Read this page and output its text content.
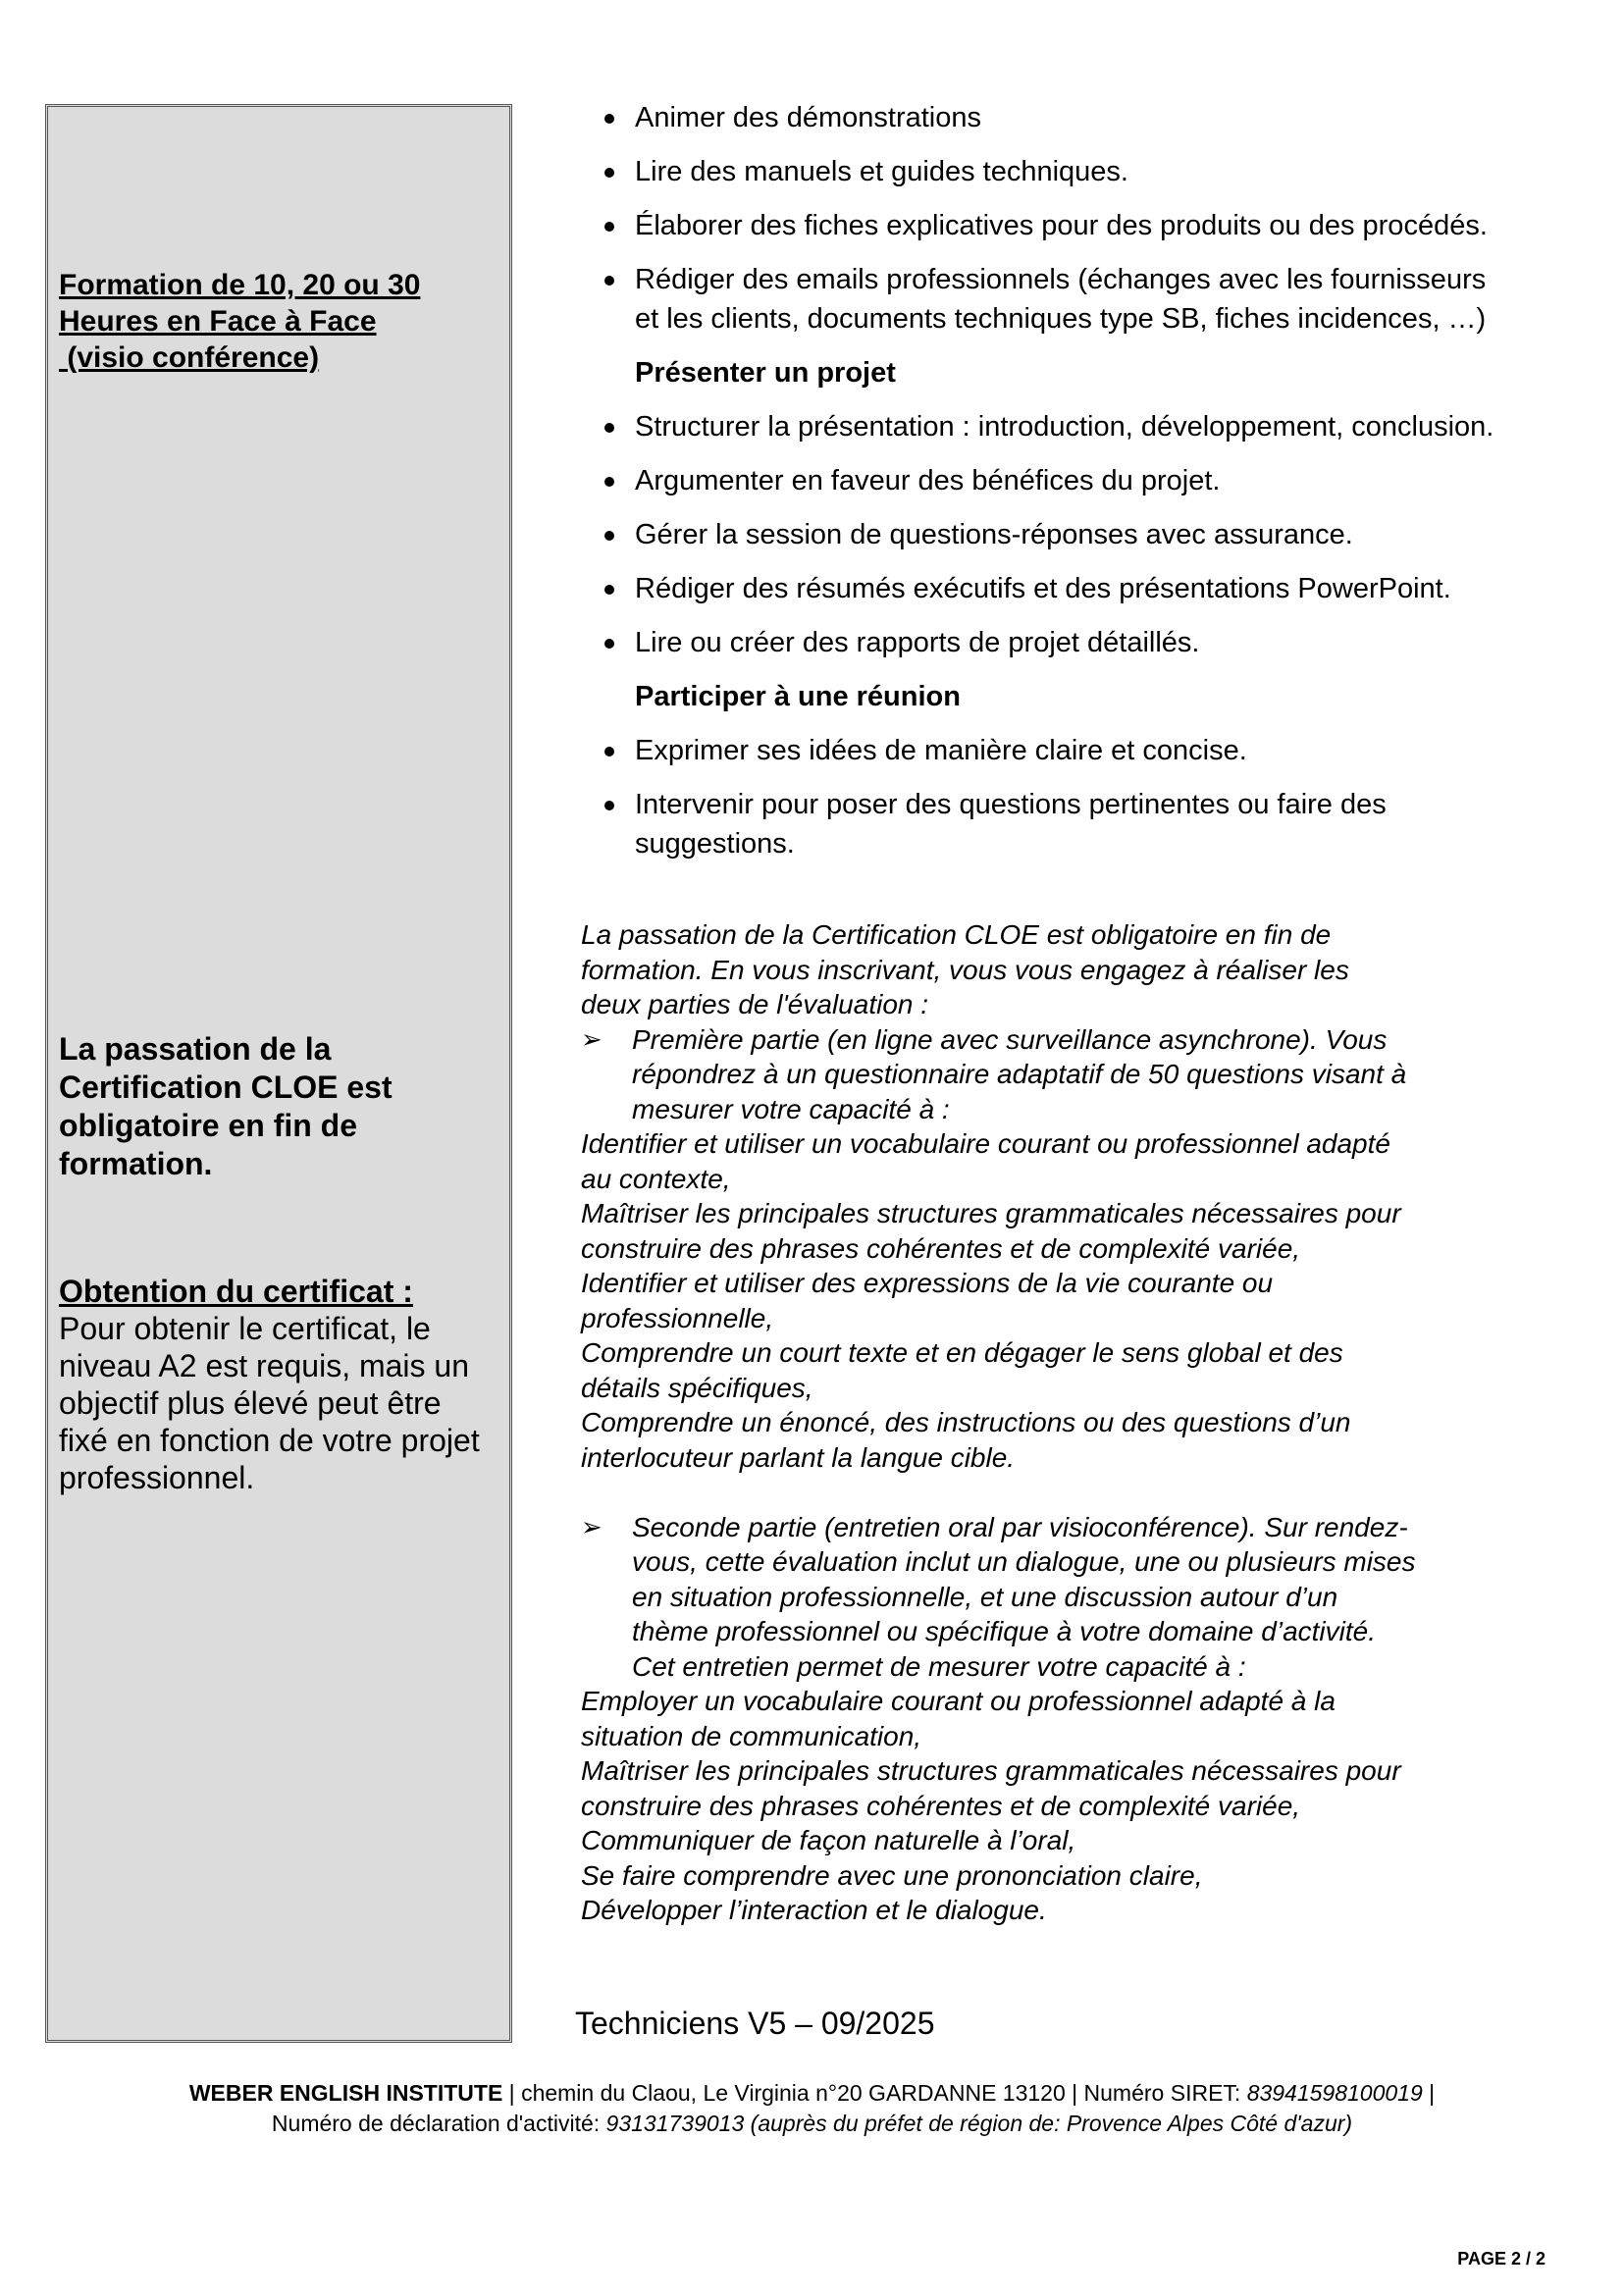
Formation de 10, 20 ou 30
Heures en Face à Face
(visio conférence)
La passation de la
Certification CLOE est
obligatoire en fin de
formation.
Obtention du certificat :
Pour obtenir le certificat, le
niveau A2 est requis, mais un
objectif plus élevé peut être
fixé en fonction de votre projet
professionnel.
Animer des démonstrations
Lire des manuels et guides techniques.
Élaborer des fiches explicatives pour des produits ou des procédés.
Rédiger des emails professionnels (échanges avec les fournisseurs
et les clients, documents techniques type SB, fiches incidences, …)
Présenter un projet
Structurer la présentation : introduction, développement, conclusion.
Argumenter en faveur des bénéfices du projet.
Gérer la session de questions-réponses avec assurance.
Rédiger des résumés exécutifs et des présentations PowerPoint.
Lire ou créer des rapports de projet détaillés.
Participer à une réunion
Exprimer ses idées de manière claire et concise.
Intervenir pour poser des questions pertinentes ou faire des
suggestions.
La passation de la Certification CLOE est obligatoire en fin de
formation. En vous inscrivant, vous vous engagez à réaliser les
deux parties de l'évaluation :
➢ Première partie (en ligne avec surveillance asynchrone). Vous
répondrez à un questionnaire adaptatif de 50 questions visant à
mesurer votre capacité à :
Identifier et utiliser un vocabulaire courant ou professionnel adapté
au contexte,
Maîtriser les principales structures grammaticales nécessaires pour
construire des phrases cohérentes et de complexité variée,
Identifier et utiliser des expressions de la vie courante ou
professionnelle,
Comprendre un court texte et en dégager le sens global et des
détails spécifiques,
Comprendre un énoncé, des instructions ou des questions d’un
interlocuteur parlant la langue cible.
➢ Seconde partie (entretien oral par visioconférence). Sur rendez-
vous, cette évaluation inclut un dialogue, une ou plusieurs mises
en situation professionnelle, et une discussion autour d’un
thème professionnel ou spécifique à votre domaine d’activité.
Cet entretien permet de mesurer votre capacité à :
Employer un vocabulaire courant ou professionnel adapté à la
situation de communication,
Maîtriser les principales structures grammaticales nécessaires pour
construire des phrases cohérentes et de complexité variée,
Communiquer de façon naturelle à l’oral,
Se faire comprendre avec une prononciation claire,
Développer l’interaction et le dialogue.
Techniciens V5 – 09/2025
WEBER ENGLISH INSTITUTE | chemin du Claou, Le Virginia n°20 GARDANNE 13120 | Numéro SIRET: 83941598100019 |
Numéro de déclaration d'activité: 93131739013 (auprès du préfet de région de: Provence Alpes Côté d'azur)
PAGE 2 / 2
